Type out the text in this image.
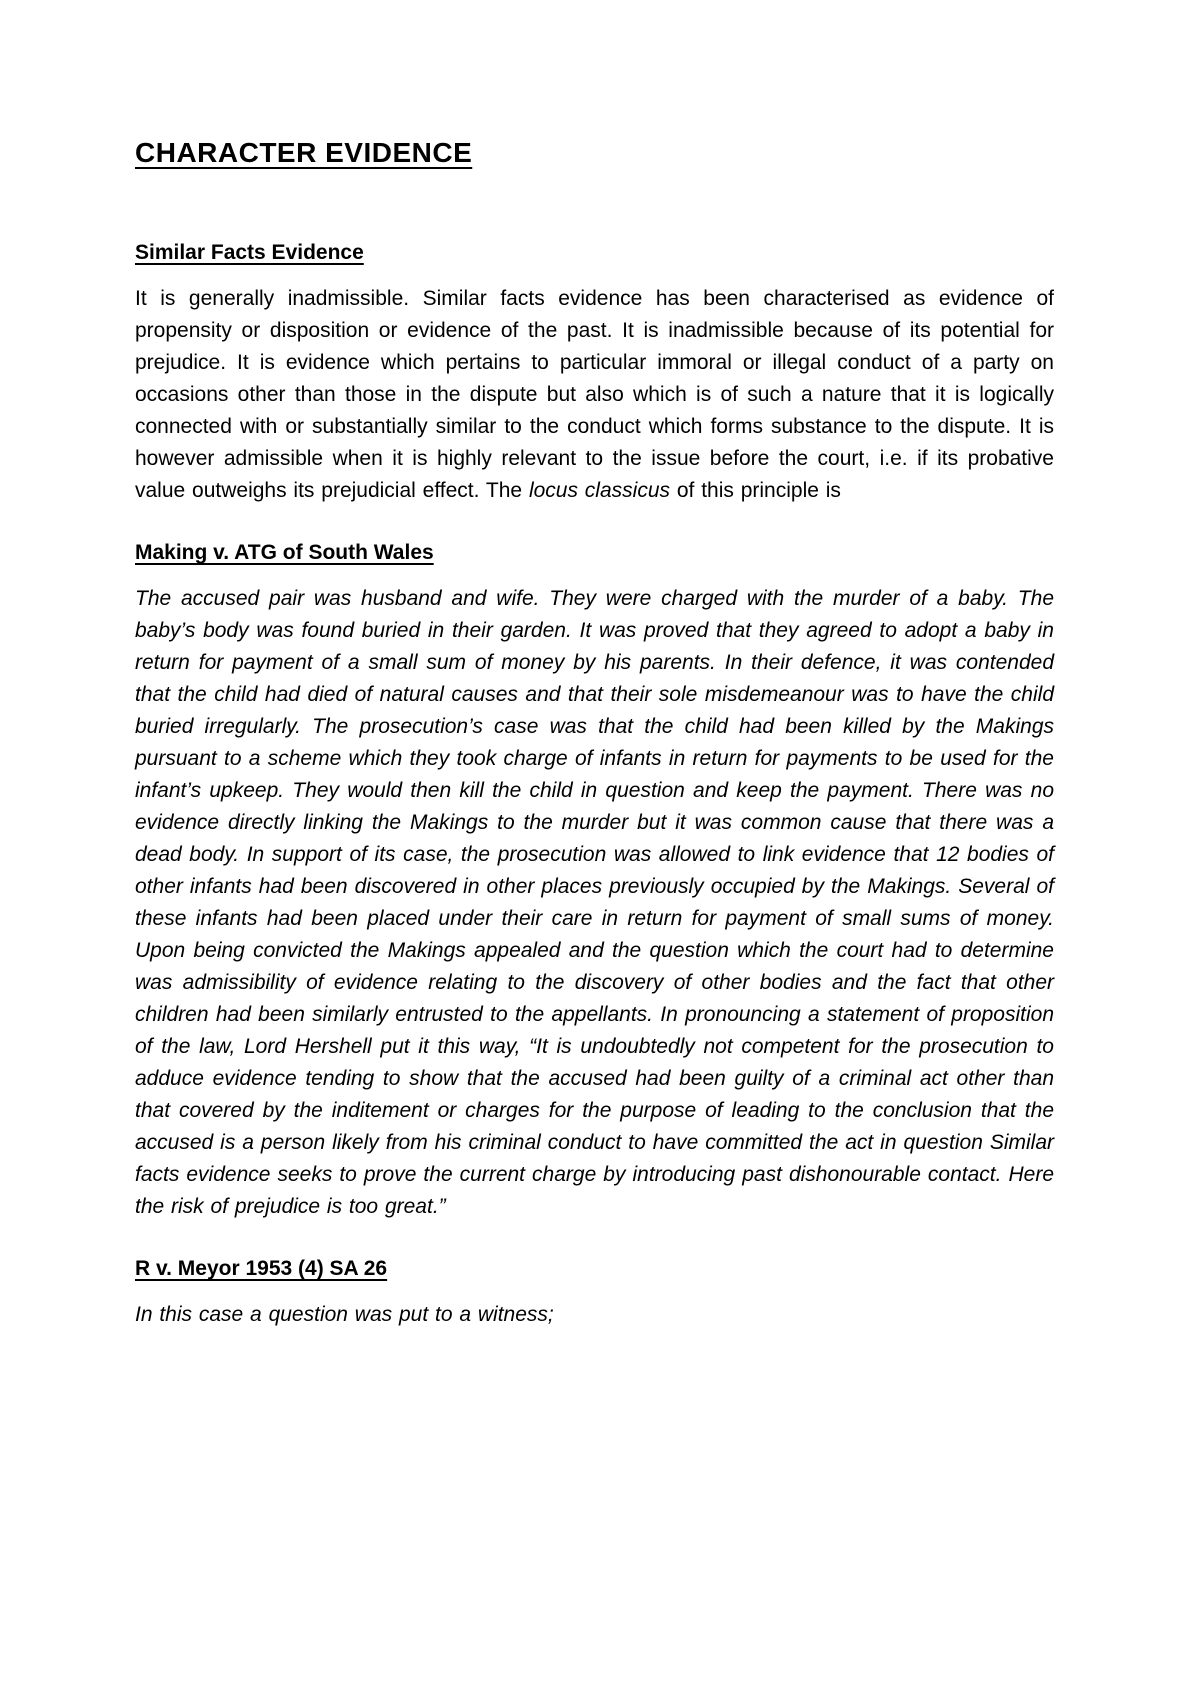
CHARACTER EVIDENCE
Similar Facts Evidence

It is generally inadmissible. Similar facts evidence has been characterised as evidence of propensity or disposition or evidence of the past. It is inadmissible because of its potential for prejudice. It is evidence which pertains to particular immoral or illegal conduct of a party on occasions other than those in the dispute but also which is of such a nature that it is logically connected with or substantially similar to the conduct which forms substance to the dispute. It is however admissible when it is highly relevant to the issue before the court, i.e. if its probative value outweighs its prejudicial effect. The locus classicus of this principle is

Making v. ATG of South Wales

The accused pair was husband and wife. They were charged with the murder of a baby. The baby’s body was found buried in their garden. It was proved that they agreed to adopt a baby in return for payment of a small sum of money by his parents. In their defence, it was contended that the child had died of natural causes and that their sole misdemeanour was to have the child buried irregularly. The prosecution’s case was that the child had been killed by the Makings pursuant to a scheme which they took charge of infants in return for payments to be used for the infant’s upkeep. They would then kill the child in question and keep the payment. There was no evidence directly linking the Makings to the murder but it was common cause that there was a dead body. In support of its case, the prosecution was allowed to link evidence that 12 bodies of other infants had been discovered in other places previously occupied by the Makings. Several of these infants had been placed under their care in return for payment of small sums of money. Upon being convicted the Makings appealed and the question which the court had to determine was admissibility of evidence relating to the discovery of other bodies and the fact that other children had been similarly entrusted to the appellants. In pronouncing a statement of proposition of the law, Lord Hershell put it this way, “It is undoubtedly not competent for the prosecution to adduce evidence tending to show that the accused had been guilty of a criminal act other than that covered by the inditement or charges for the purpose of leading to the conclusion that the accused is a person likely from his criminal conduct to have committed the act in question Similar facts evidence seeks to prove the current charge by introducing past dishonourable contact. Here the risk of prejudice is too great.”

R v. Meyor 1953 (4) SA 26

In this case a question was put to a witness;
